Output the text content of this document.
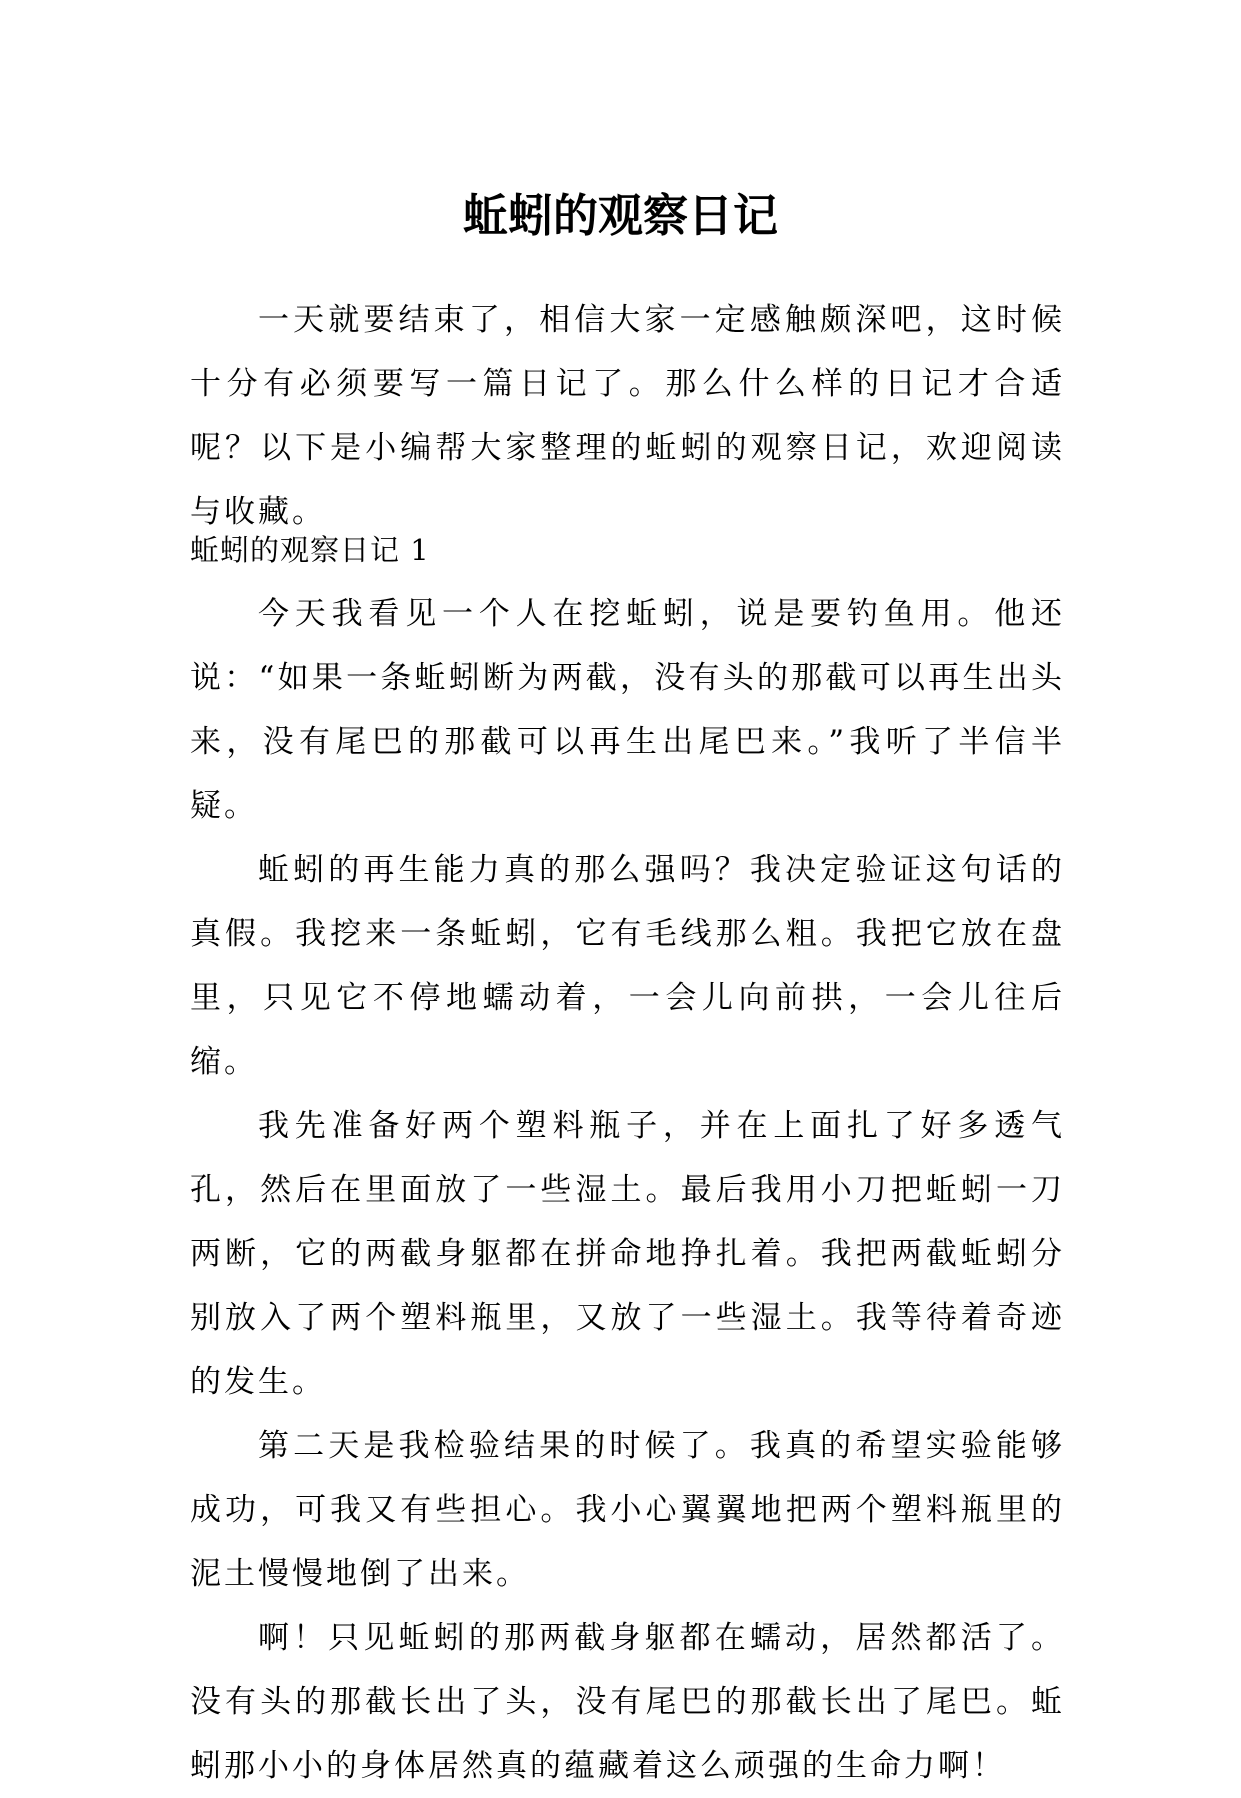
蚯蚓的观察日记

一天就要结束了，相信大家一定感触颇深吧，这时候十分有必须要写一篇日记了。那么什么样的日记才合适呢？以下是小编帮大家整理的蚯蚓的观察日记，欢迎阅读与收藏。

蚯蚓的观察日记 1

今天我看见一个人在挖蚯蚓，说是要钓鱼用。他还说：“如果一条蚯蚓断为两截，没有头的那截可以再生出头来，没有尾巴的那截可以再生出尾巴来。”我听了半信半疑。

蚯蚓的再生能力真的那么强吗？我决定验证这句话的真假。我挖来一条蚯蚓，它有毛线那么粗。我把它放在盘里，只见它不停地蠕动着，一会儿向前拱，一会儿往后缩。

我先准备好两个塑料瓶子，并在上面扎了好多透气孔，然后在里面放了一些湿土。最后我用小刀把蚯蚓一刀两断，它的两截身躯都在拼命地挣扎着。我把两截蚯蚓分别放入了两个塑料瓶里，又放了一些湿土。我等待着奇迹的发生。

第二天是我检验结果的时候了。我真的希望实验能够成功，可我又有些担心。我小心翼翼地把两个塑料瓶里的泥土慢慢地倒了出来。

啊！只见蚯蚓的那两截身躯都在蠕动，居然都活了。没有头的那截长出了头，没有尾巴的那截长出了尾巴。蚯蚓那小小的身体居然真的蕴藏着这么顽强的生命力啊！
